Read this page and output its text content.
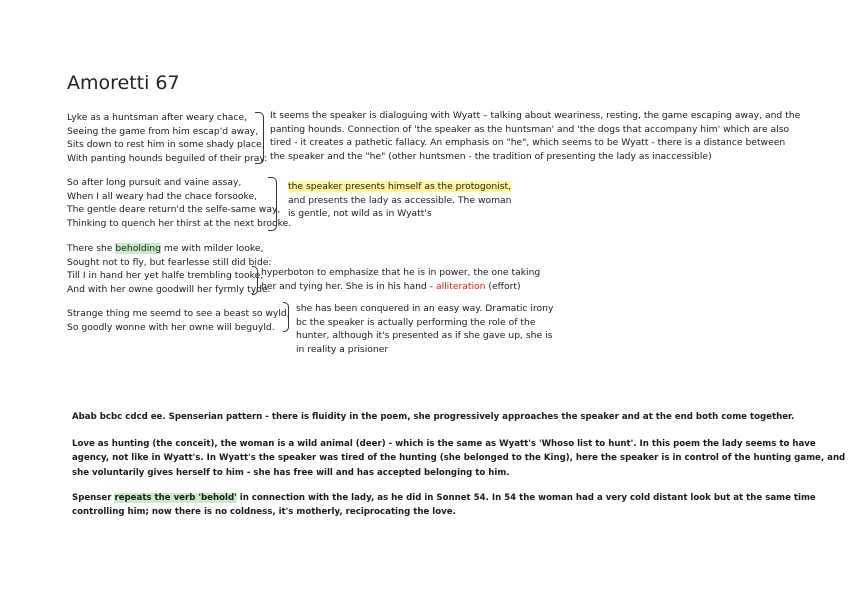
Amoretti 67
Lyke as a huntsman after weary chace,
Seeing the game from him escap'd away,
Sits down to rest him in some shady place,
With panting hounds beguiled of their pray:
It seems the speaker is dialoguing with Wyatt – talking about weariness, resting, the game escaping away, and the
panting hounds. Connection of 'the speaker as the huntsman' and 'the dogs that accompany him' which are also
tired - it creates a pathetic fallacy. An emphasis on "he", which seems to be Wyatt - there is a distance between
the speaker and the "he" (other huntsmen - the tradition of presenting the lady as inaccessible)
So after long pursuit and vaine assay,
When I all weary had the chace forsooke,
The gentle deare return'd the selfe-same way,
Thinking to quench her thirst at the next brooke.
the speaker presents himself as the protogonist,
and presents the lady as accessible. The woman
is gentle, not wild as in Wyatt's
There she beholding me with milder looke,
Sought not to fly, but fearlesse still did bide:
Till I in hand her yet halfe trembling tooke,
And with her owne goodwill her fyrmly tyde.
hyperboton to emphasize that he is in power, the one taking
her and tying her. She is in his hand - alliteration (effort)
Strange thing me seemd to see a beast so wyld,
So goodly wonne with her owne will beguyld.
she has been conquered in an easy way. Dramatic irony
bc the speaker is actually performing the role of the
hunter, although it's presented as if she gave up, she is
in reality a prisioner
Abab bcbc cdcd ee. Spenserian pattern - there is fluidity in the poem, she progressively approaches the speaker and at the end both come together.
Love as hunting (the conceit), the woman is a wild animal (deer) - which is the same as Wyatt's 'Whoso list to hunt'. In this poem the lady seems to have
agency, not like in Wyatt's. In Wyatt's the speaker was tired of the hunting (she belonged to the King), here the speaker is in control of the hunting game, and
she voluntarily gives herself to him - she has free will and has accepted belonging to him.
Spenser repeats the verb 'behold' in connection with the lady, as he did in Sonnet 54. In 54 the woman had a very cold distant look but at the same time
controlling him; now there is no coldness, it's motherly, reciprocating the love.
